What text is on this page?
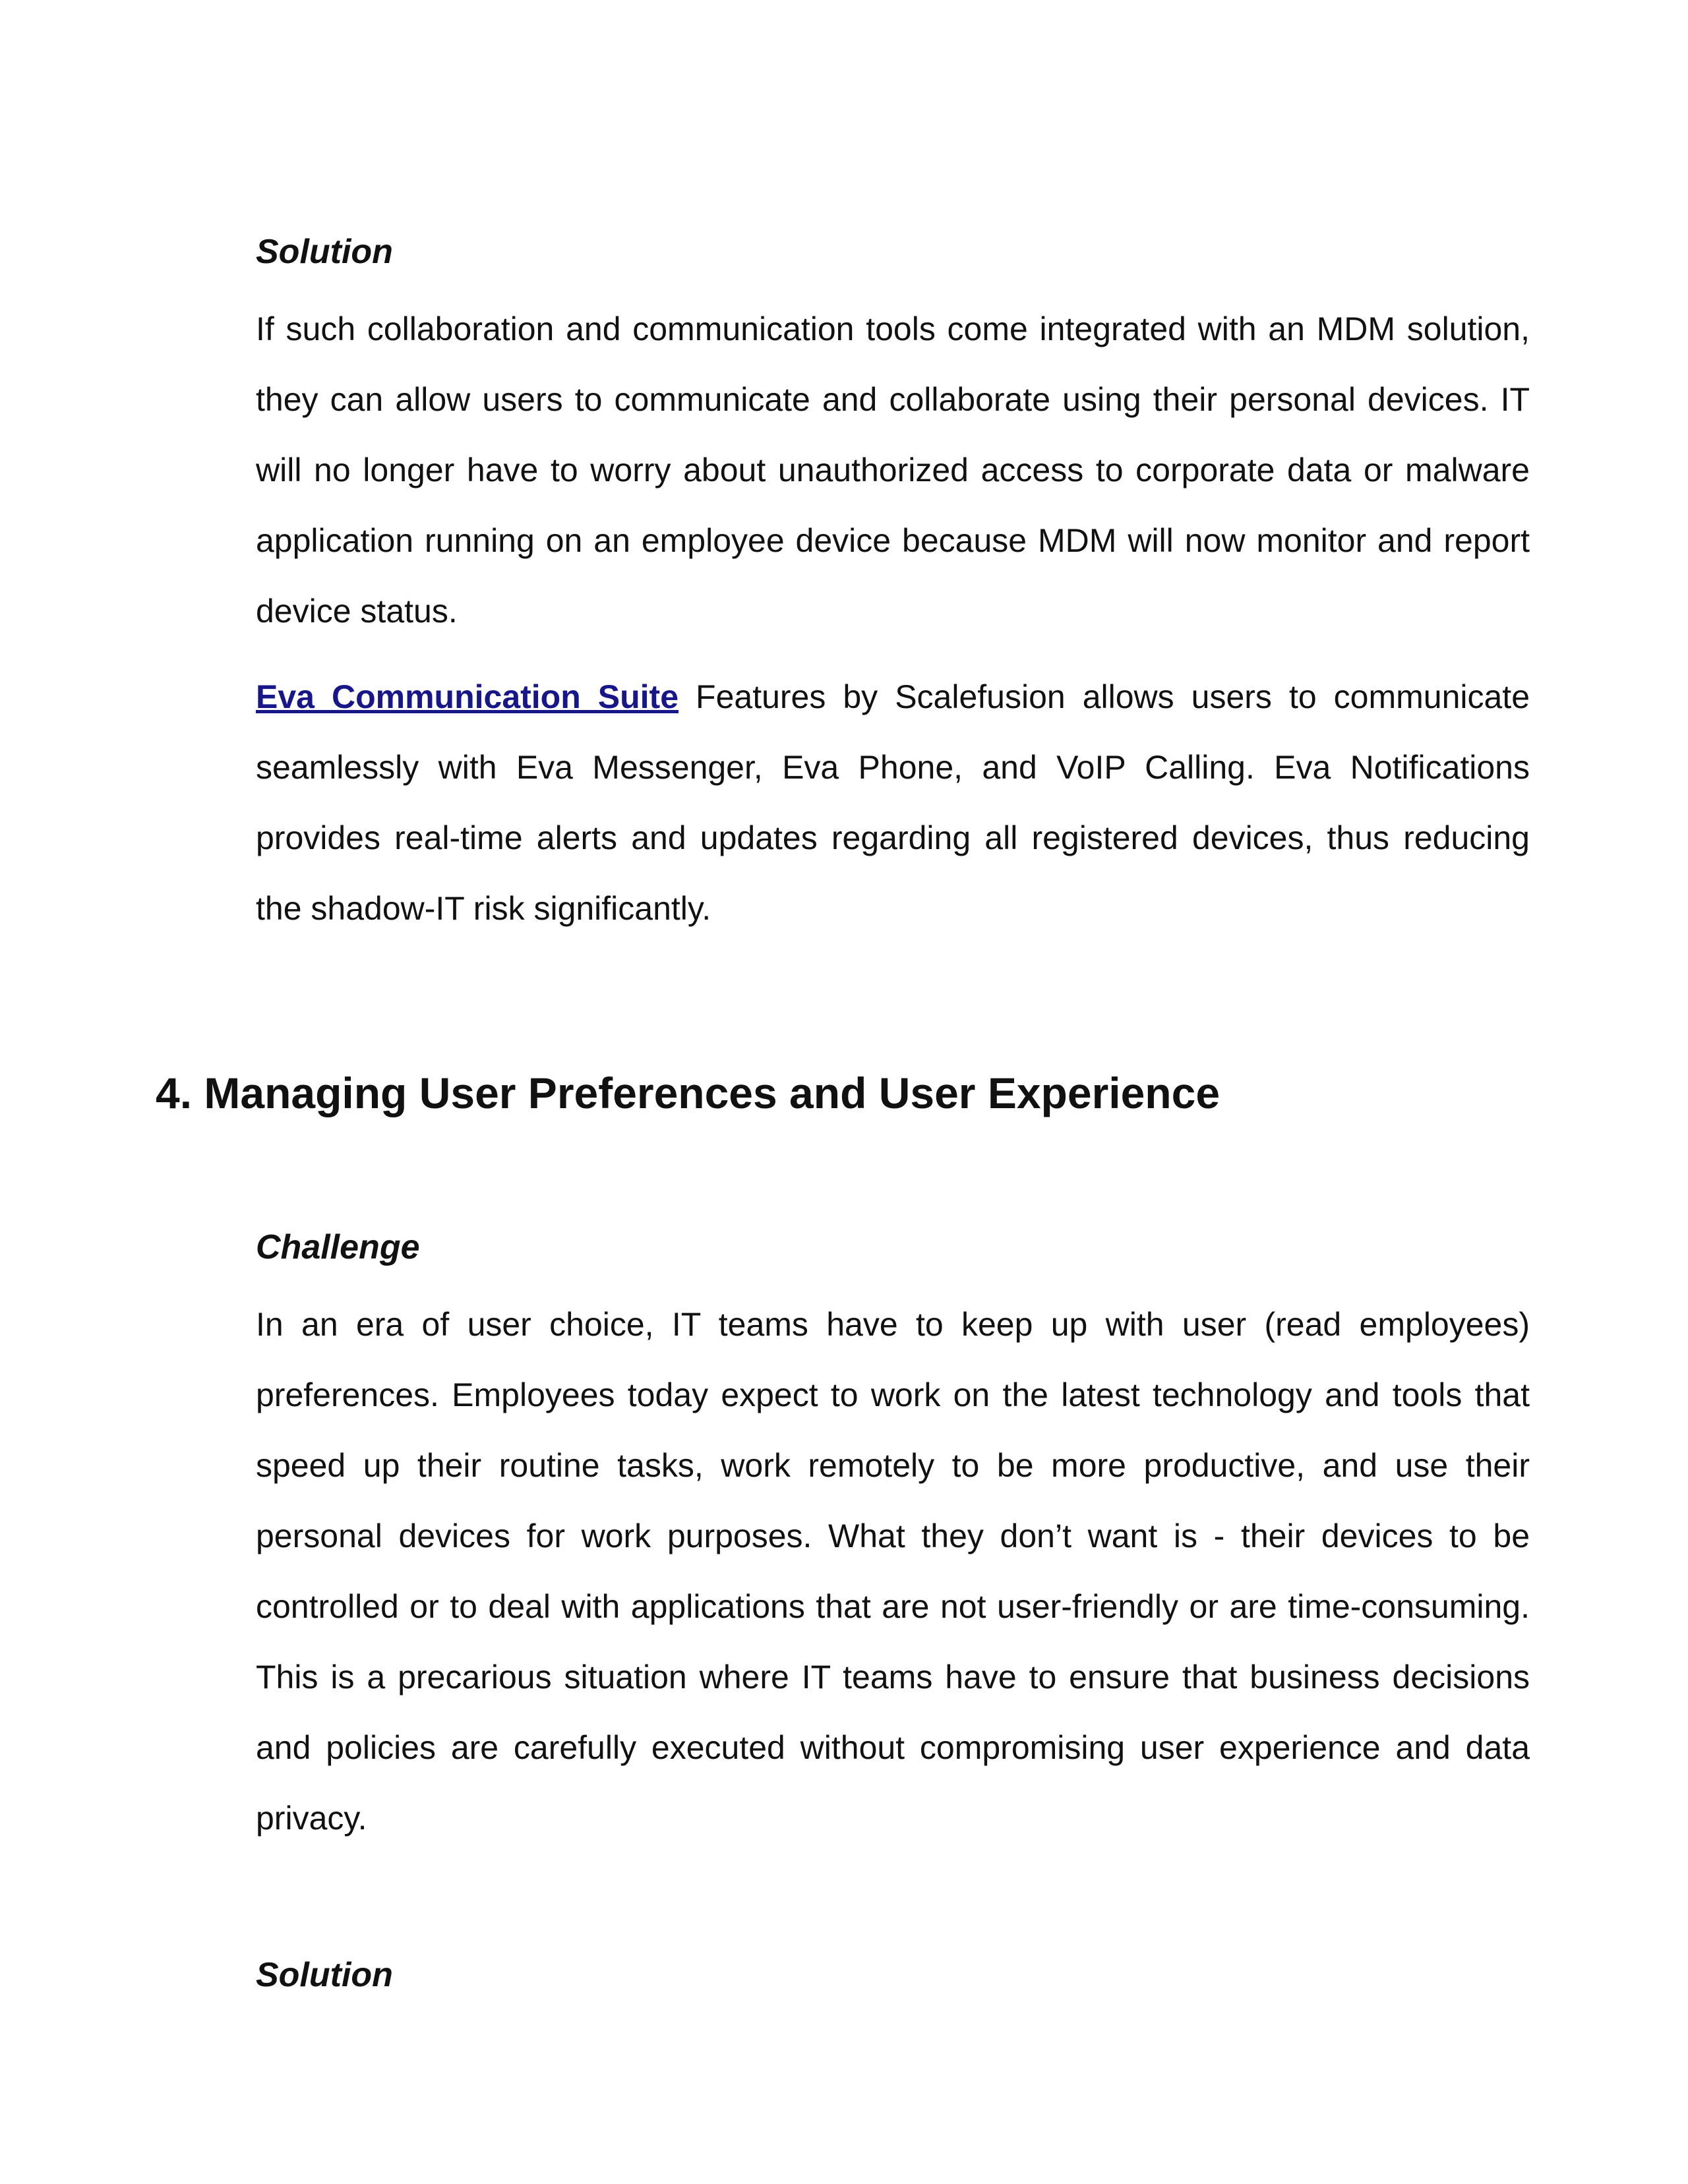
Solution

If such collaboration and communication tools come integrated with an MDM solution, they can allow users to communicate and collaborate using their personal devices. IT will no longer have to worry about unauthorized access to corporate data or malware application running on an employee device because MDM will now monitor and report device status.

Eva Communication Suite Features by Scalefusion allows users to communicate seamlessly with Eva Messenger, Eva Phone, and VoIP Calling. Eva Notifications provides real-time alerts and updates regarding all registered devices, thus reducing the shadow-IT risk significantly.

4. Managing User Preferences and User Experience

Challenge

In an era of user choice, IT teams have to keep up with user (read employees) preferences. Employees today expect to work on the latest technology and tools that speed up their routine tasks, work remotely to be more productive, and use their personal devices for work purposes. What they don’t want is - their devices to be controlled or to deal with applications that are not user-friendly or are time-consuming. This is a precarious situation where IT teams have to ensure that business decisions and policies are carefully executed without compromising user experience and data privacy.

Solution
